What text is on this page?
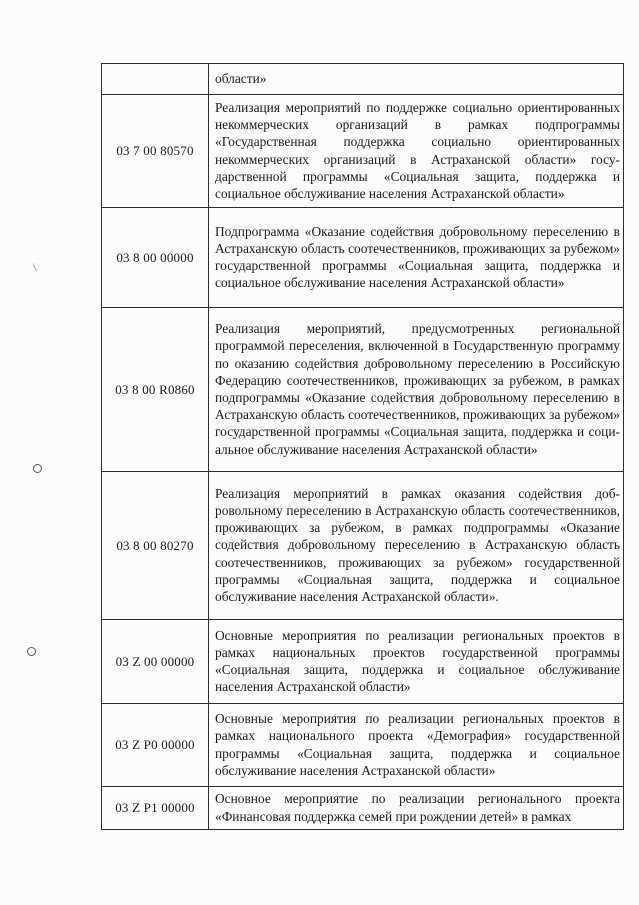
	области»
03 7 00 80570	Реализация мероприятий по поддержке социально ориентированных некоммерческих организаций в рамках подпрограммы «Государственная поддержка социально ориентированных некоммерческих организаций в Астраханской области» государственной программы «Социальная защита, поддержка и социальное обслуживание населения Астраханской области»
03 8 00 00000	Подпрограмма «Оказание содействия добровольному переселению в Астраханскую область соотечественников, проживающих за рубежом» государственной программы «Социальная защита, поддержка и социальное обслуживание населения Астраханской области»
03 8 00 R0860	Реализация мероприятий, предусмотренных региональной программой переселения, включенной в Государственную программу по оказанию содействия добровольному переселению в Российскую Федерацию соотечественников, проживающих за рубежом, в рамках подпрограммы «Оказание содействия добровольному переселению в Астраханскую область соотечественников, проживающих за рубежом» государственной программы «Социальная защита, поддержка и социальное обслуживание населения Астраханской области»
03 8 00 80270	Реализация мероприятий в рамках оказания содействия добровольному переселению в Астраханскую область соотечественников, проживающих за рубежом, в рамках подпрограммы «Оказание содействия добровольному переселению в Астраханскую область соотечественников, проживающих за рубежом» государственной программы «Социальная защита, поддержка и социальное обслуживание населения Астраханской области».
03 Z 00 00000	Основные мероприятия по реализации региональных проектов в рамках национальных проектов государственной программы «Социальная защита, поддержка и социальное обслуживание населения Астраханской области»
03 Z P0 00000	Основные мероприятия по реализации региональных проектов в рамках национального проекта «Демография» государственной программы «Социальная защита, поддержка и социальное обслуживание населения Астраханской области»
03 Z P1 00000	Основное мероприятие по реализации регионального проекта «Финансовая поддержка семей при рождении детей» в рамках
